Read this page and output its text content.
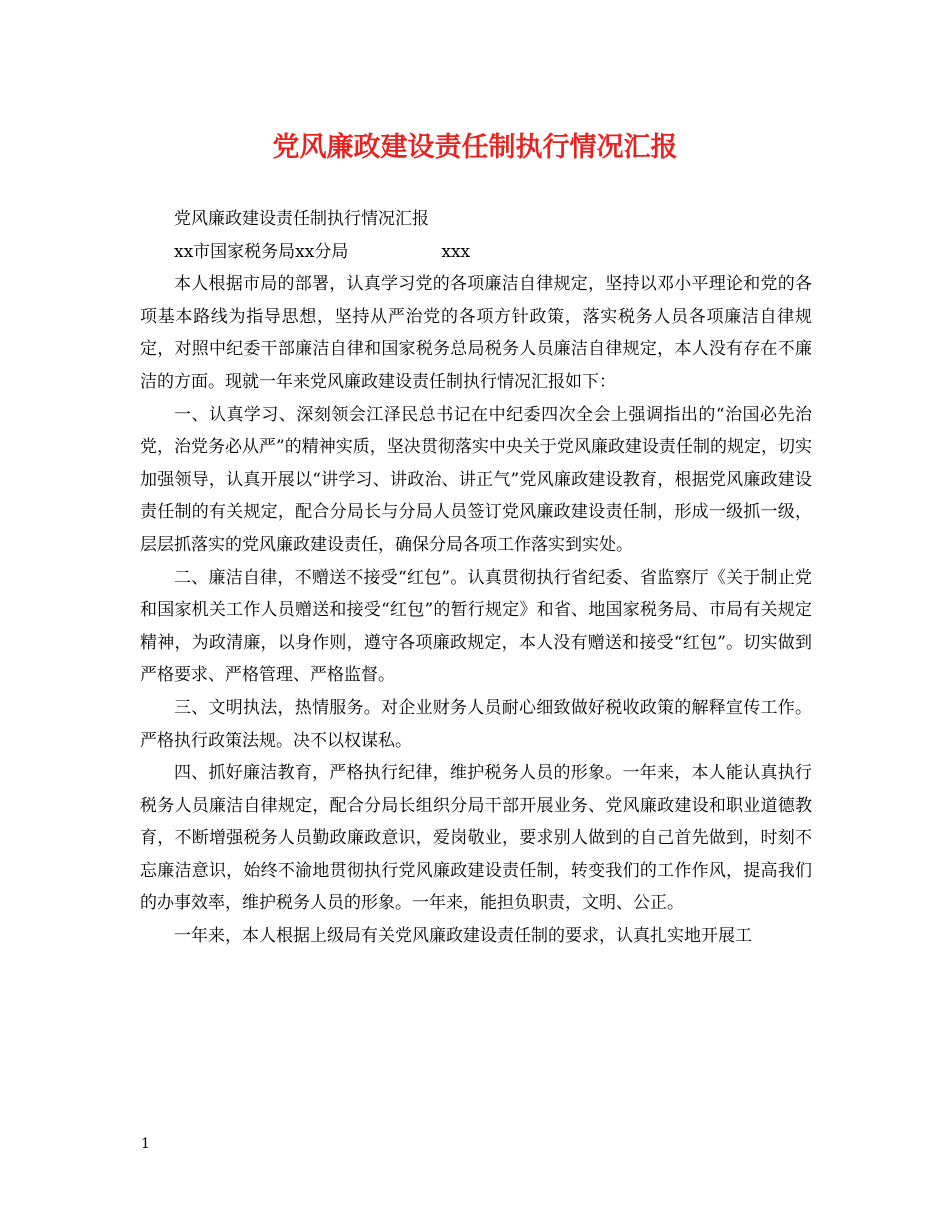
党风廉政建设责任制执行情况汇报

党风廉政建设责任制执行情况汇报

xx市国家税务局xx分局	xxx

本人根据市局的部署，认真学习党的各项廉洁自律规定，坚持以邓小平理论和党的各项基本路线为指导思想，坚持从严治党的各项方针政策，落实税务人员各项廉洁自律规定，对照中纪委干部廉洁自律和国家税务总局税务人员廉洁自律规定，本人没有存在不廉洁的方面。现就一年来党风廉政建设责任制执行情况汇报如下：

一、认真学习、深刻领会江泽民总书记在中纪委四次全会上强调指出的“治国必先治党，治党务必从严”的精神实质，坚决贯彻落实中央关于党风廉政建设责任制的规定，切实加强领导，认真开展以“讲学习、讲政治、讲正气”党风廉政建设教育，根据党风廉政建设责任制的有关规定，配合分局长与分局人员签订党风廉政建设责任制，形成一级抓一级，层层抓落实的党风廉政建设责任，确保分局各项工作落实到实处。

二、廉洁自律，不赠送不接受“红包”。认真贯彻执行省纪委、省监察厅《关于制止党和国家机关工作人员赠送和接受“红包”的暂行规定》和省、地国家税务局、市局有关规定精神，为政清廉，以身作则，遵守各项廉政规定，本人没有赠送和接受“红包”。切实做到严格要求、严格管理、严格监督。

三、文明执法，热情服务。对企业财务人员耐心细致做好税收政策的解释宣传工作。严格执行政策法规。决不以权谋私。

四、抓好廉洁教育，严格执行纪律，维护税务人员的形象。一年来，本人能认真执行税务人员廉洁自律规定，配合分局长组织分局干部开展业务、党风廉政建设和职业道德教育，不断增强税务人员勤政廉政意识，爱岗敬业，要求别人做到的自己首先做到，时刻不忘廉洁意识，始终不渝地贯彻执行党风廉政建设责任制，转变我们的工作作风，提高我们的办事效率，维护税务人员的形象。一年来，能担负职责，文明、公正。

一年来，本人根据上级局有关党风廉政建设责任制的要求，认真扎实地开展工

1
